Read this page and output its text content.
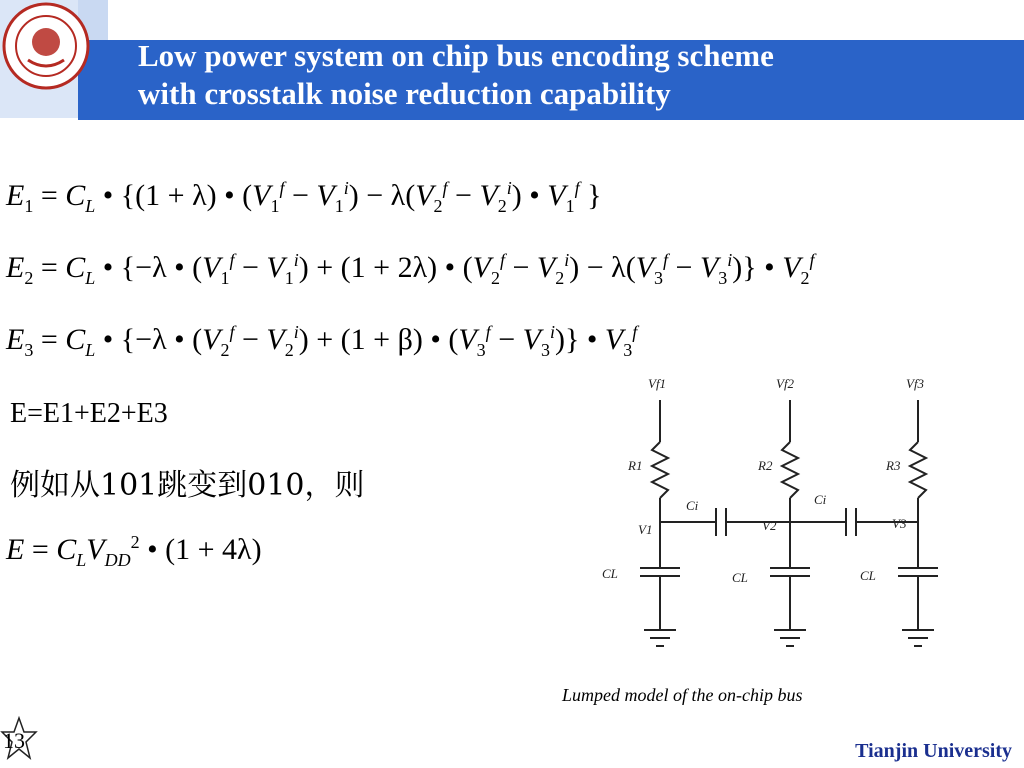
Low power system on chip bus encoding scheme
with crosstalk noise reduction capability
$E_1 = C_L$ • {(1 + λ) • $(V_1^f - V_1^i) - \lambda(V_2^f - V_2^i)$ • $V_1^f$ }
$E_2 = C_L$ • {−λ • $(V_1^f - V_1^i) + (1 + 2\lambda)$ • $(V_2^f - V_2^i) - \lambda(V_3^f - V_3^i)$} • $V_2^f$
$E_3 = C_L$ • {−λ • $(V_2^f - V_2^i) + (1 + \beta)$ • $(V_3^f - V_3^i)$} • $V_3^f$
E=E1+E2+E3
例如从101跳变到010，则
$E = C_LV_{DD}^2$ • (1 + 4λ)
Vf1	Vf2	Vf3
R1	R2	R3
V1	V2	V3
Ci	Ci
CL	CL	CL
Lumped model of the on-chip bus
13	Tianjin University
